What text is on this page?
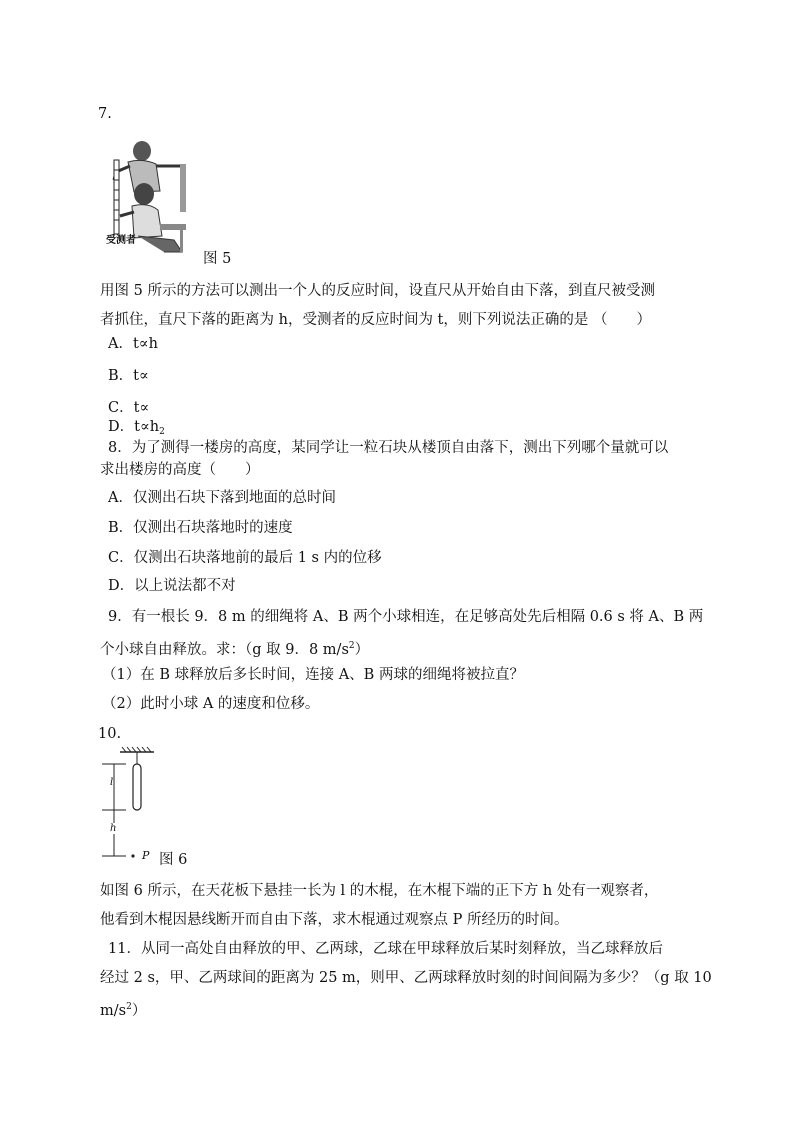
7.
受测者
图 5
用图 5 所示的方法可以测出一个人的反应时间，设直尺从开始自由下落，到直尺被受测
者抓住，直尺下落的距离为 h，受测者的反应时间为 t，则下列说法正确的是 （　　）
A．t∝h
B．t∝
C．t∝
D．$t\propto h_2$
8．为了测得一楼房的高度，某同学让一粒石块从楼顶自由落下，测出下列哪个量就可以
求出楼房的高度（　　）
A．仅测出石块下落到地面的总时间
B．仅测出石块落地时的速度
C．仅测出石块落地前的最后 1 s 内的位移
D．以上说法都不对
9．有一根长 9．8 m 的细绳将 A、B 两个小球相连，在足够高处先后相隔 0.6 s 将 A、B 两
个小球自由释放。求：（g 取 9．8 $m/s^2$）
（1）在 B 球释放后多长时间，连接 A、B 两球的细绳将被拉直？
（2）此时小球 A 的速度和位移。
10.
l
h
P 图 6
如图 6 所示，在天花板下悬挂一长为 l 的木棍，在木棍下端的正下方 h 处有一观察者，
他看到木棍因悬线断开而自由下落，求木棍通过观察点 P 所经历的时间。
11．从同一高处自由释放的甲、乙两球，乙球在甲球释放后某时刻释放，当乙球释放后
经过 2 s，甲、乙两球间的距离为 25 m，则甲、乙两球释放时刻的时间间隔为多少？（g 取 10
$m/s^2$）
